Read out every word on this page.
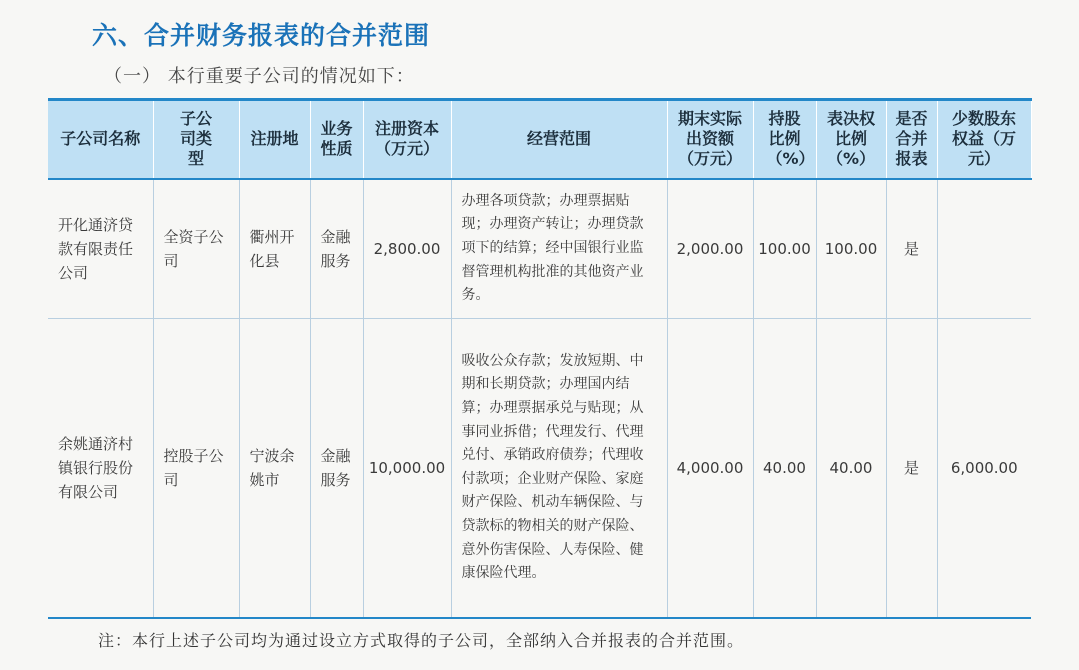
六、合并财务报表的合并范围
（一） 本行重要子公司的情况如下：
子公司名称	子公司类型	注册地	业务性质	注册资本（万元）	经营范围	期末实际出资额（万元）	持股比例（%）	表决权比例（%）	是否合并报表	少数股东权益（万元）
开化通济贷款有限责任公司	全资子公司	衢州开化县	金融服务	2,800.00	办理各项贷款；办理票据贴现；办理资产转让；办理贷款项下的结算；经中国银行业监督管理机构批准的其他资产业务。	2,000.00	100.00	100.00	是	
余姚通济村镇银行股份有限公司	控股子公司	宁波余姚市	金融服务	10,000.00	吸收公众存款；发放短期、中期和长期贷款；办理国内结算；办理票据承兑与贴现；从事同业拆借；代理发行、代理兑付、承销政府债券；代理收付款项；企业财产保险、家庭财产保险、机动车辆保险、与贷款标的物相关的财产保险、意外伤害保险、人寿保险、健康保险代理。	4,000.00	40.00	40.00	是	6,000.00
注：本行上述子公司均为通过设立方式取得的子公司，全部纳入合并报表的合并范围。
